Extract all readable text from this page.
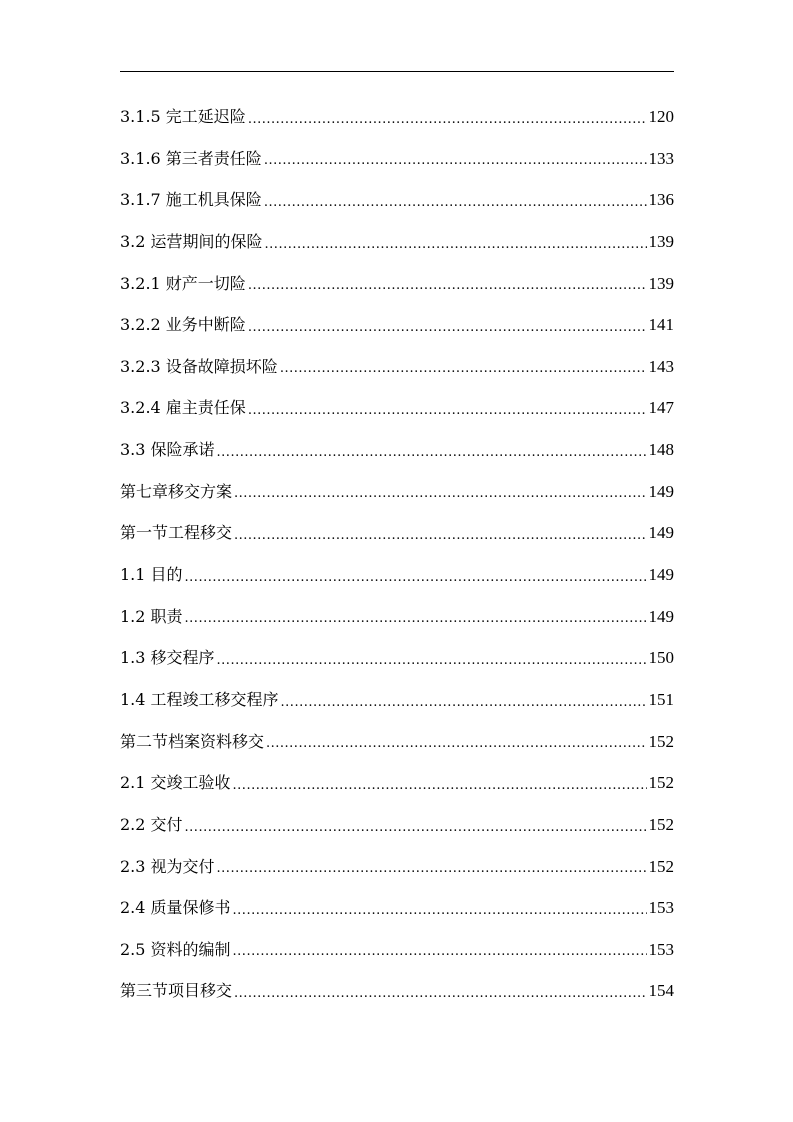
3.1.5 完工延迟险 .....	120
3.1.6 第三者责任险 .....	133
3.1.7 施工机具保险 .....	136
3.2 运营期间的保险 .....	139
3.2.1 财产一切险 .....	139
3.2.2 业务中断险 .....	141
3.2.3 设备故障损坏险 .....	143
3.2.4 雇主责任保 .....	147
3.3 保险承诺 .....	148
第七章移交方案 .....	149
第一节工程移交 .....	149
1.1 目的 .....	149
1.2 职责 .....	149
1.3 移交程序 .....	150
1.4 工程竣工移交程序 .....	151
第二节档案资料移交 .....	152
2.1 交竣工验收 .....	152
2.2 交付 .....	152
2.3 视为交付 .....	152
2.4 质量保修书 .....	153
2.5 资料的编制 .....	153
第三节项目移交 .....	154
